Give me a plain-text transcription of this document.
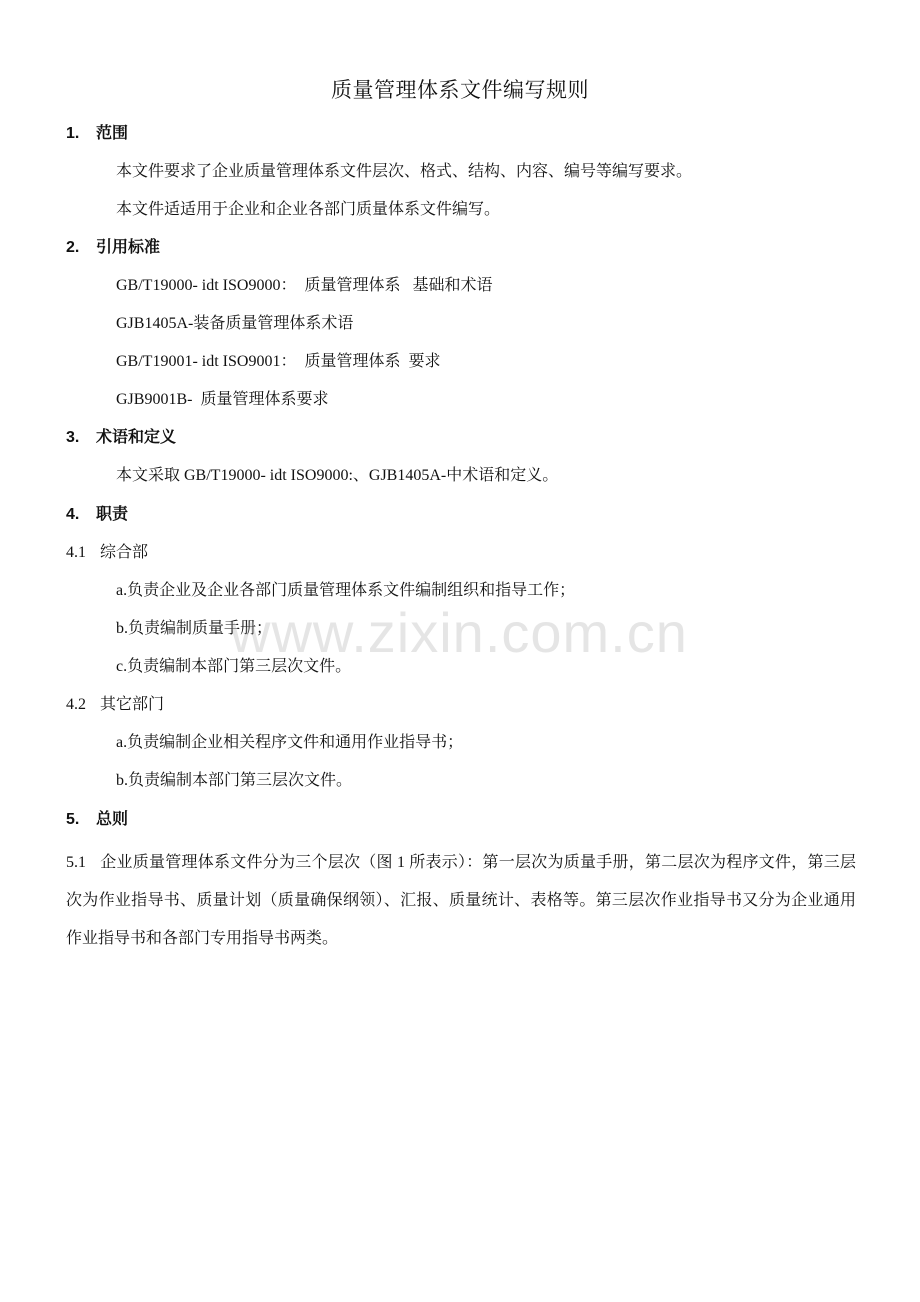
质量管理体系文件编写规则
1. 范围
本文件要求了企业质量管理体系文件层次、格式、结构、内容、编号等编写要求。
本文件适适用于企业和企业各部门质量体系文件编写。
2. 引用标准
GB/T19000- idt ISO9000：  质量管理体系   基础和术语
GJB1405A-装备质量管理体系术语
GB/T19001- idt ISO9001：  质量管理体系  要求
GJB9001B-  质量管理体系要求
3. 术语和定义
本文采取 GB/T19000- idt ISO9000:、GJB1405A-中术语和定义。
4. 职责
4.1 综合部
a.负责企业及企业各部门质量管理体系文件编制组织和指导工作；
b.负责编制质量手册；
c.负责编制本部门第三层次文件。
4.2 其它部门
a.负责编制企业相关程序文件和通用作业指导书；
b.负责编制本部门第三层次文件。
5. 总则
5.1 企业质量管理体系文件分为三个层次（图 1 所表示）：第一层次为质量手册，第二层次为程序文件，第三层次为作业指导书、质量计划（质量确保纲领）、汇报、质量统计、表格等。第三层次作业指导书又分为企业通用作业指导书和各部门专用指导书两类。
www.zixin.com.cn
